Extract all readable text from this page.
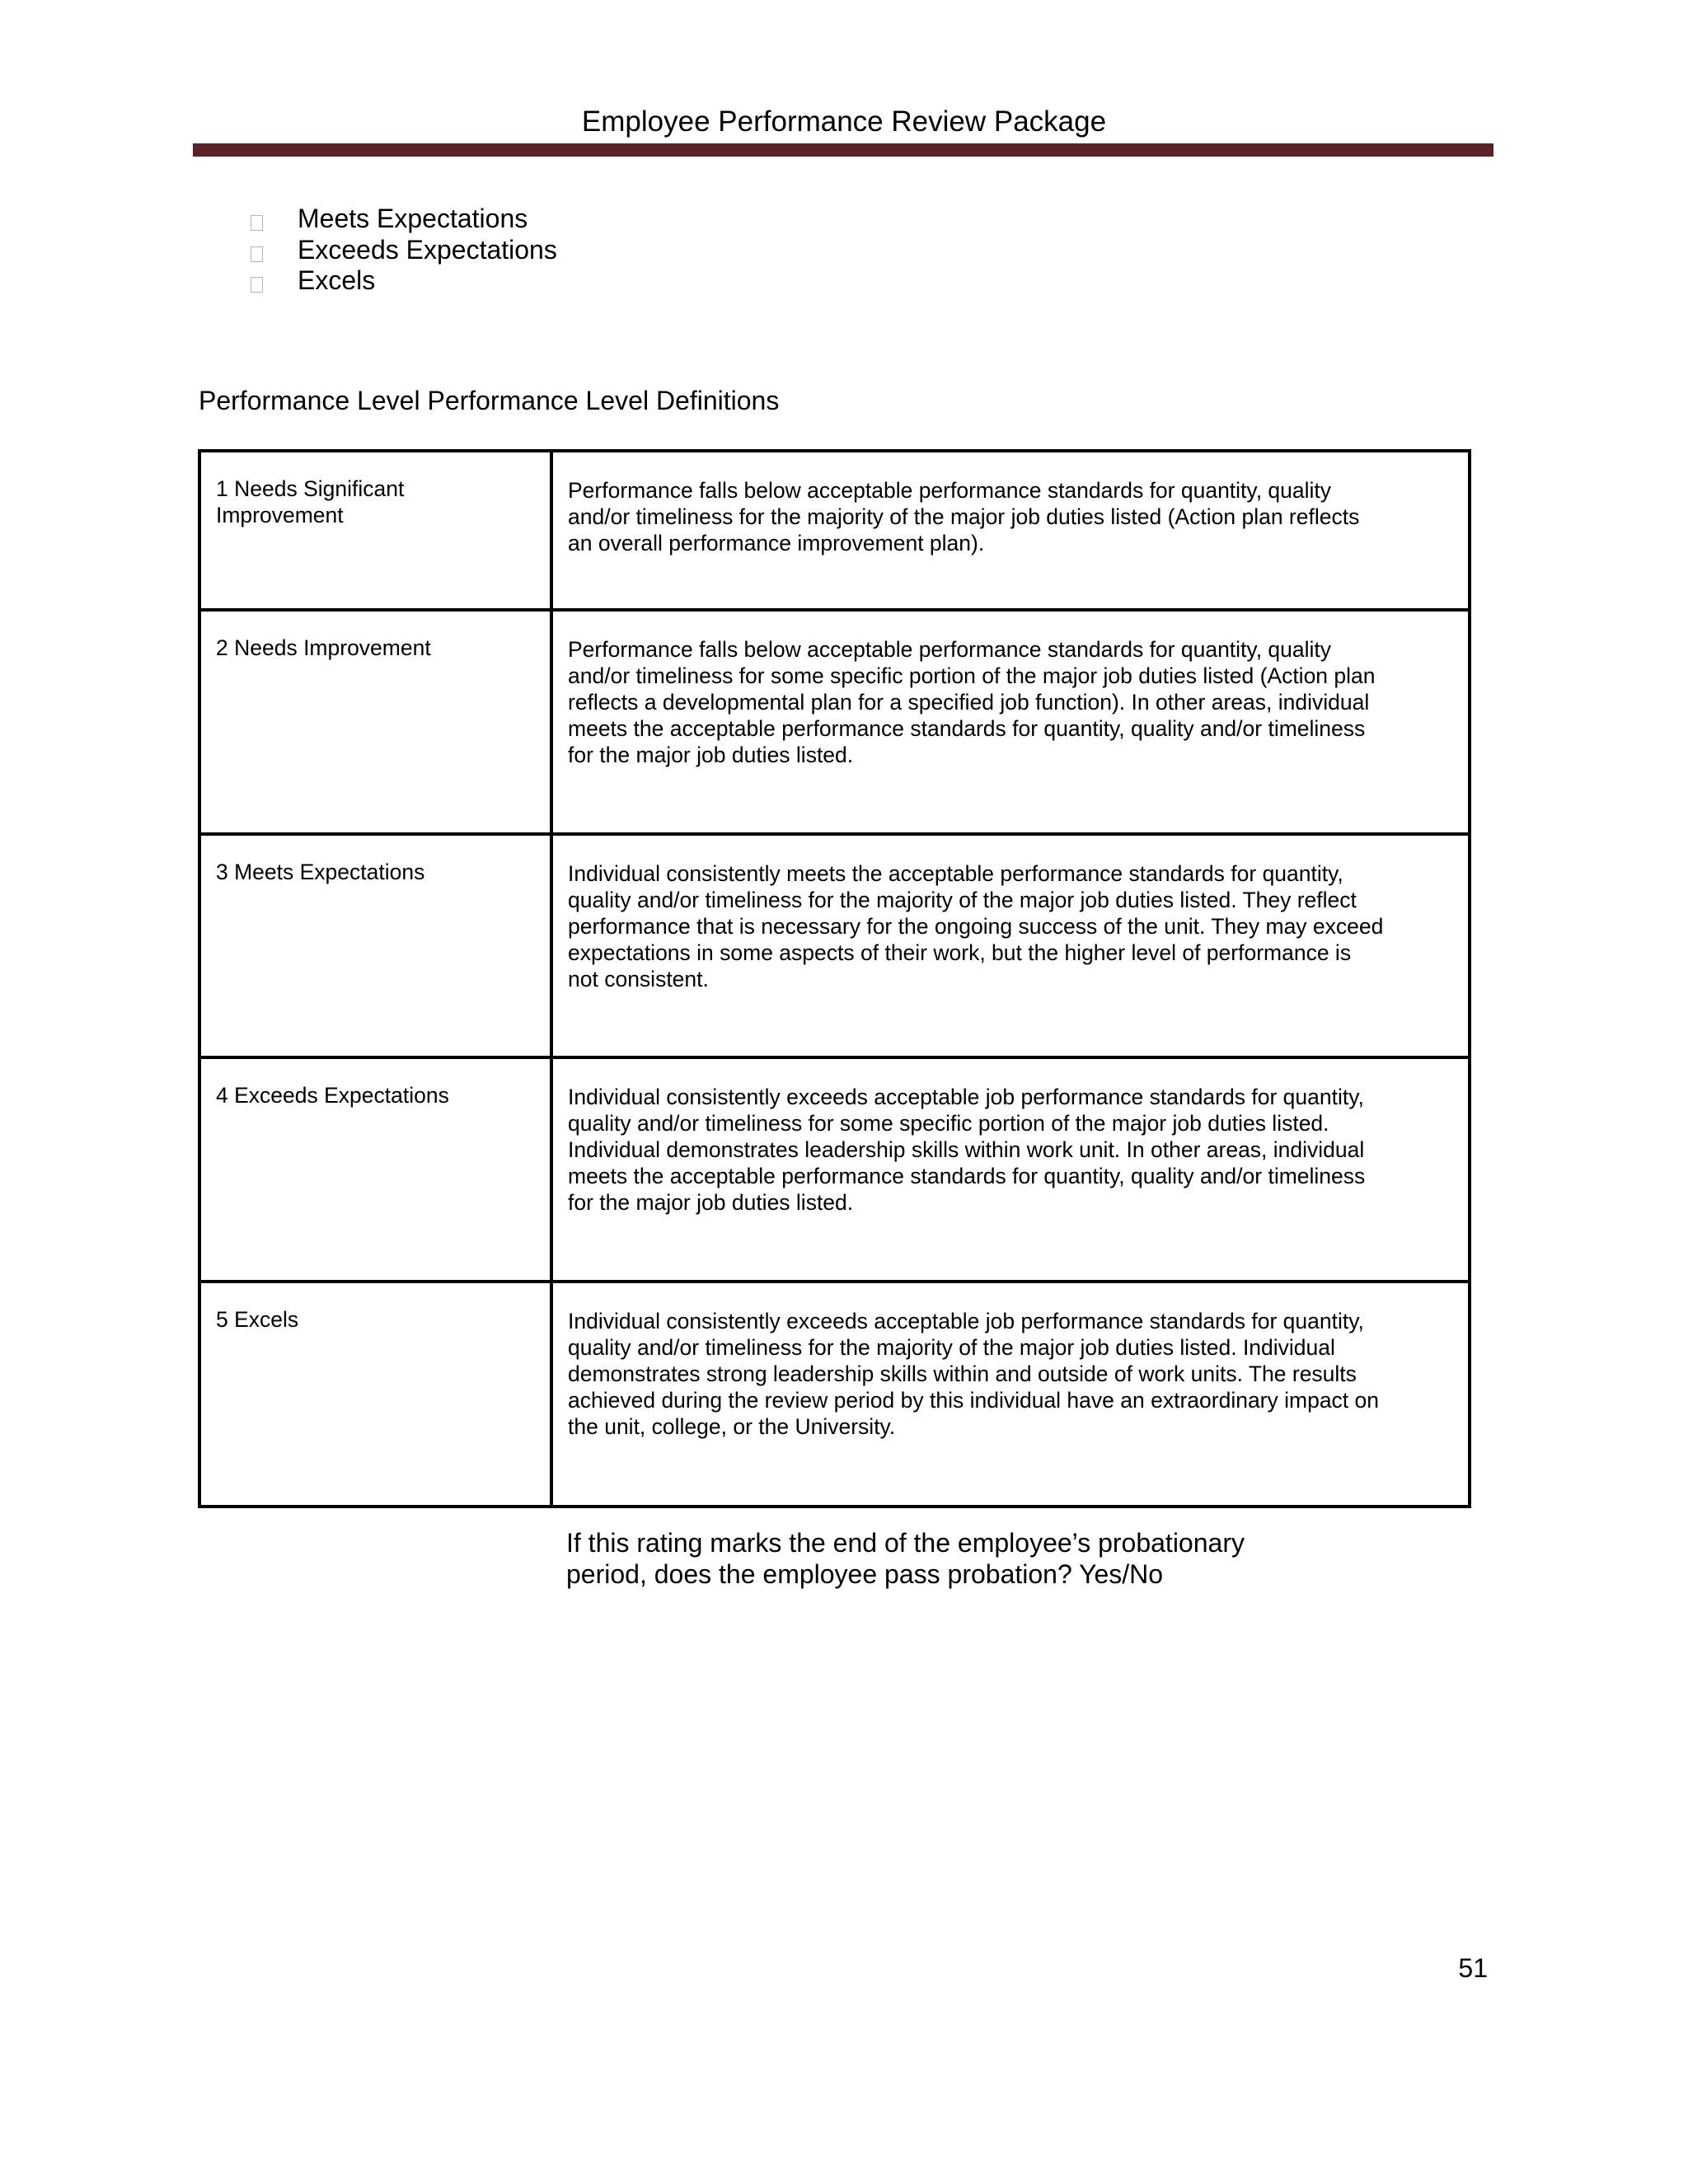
Employee Performance Review Package
Meets Expectations
Exceeds Expectations
Excels
Performance Level Performance Level Definitions
1 Needs Significant Improvement	Performance falls below acceptable performance standards for quantity, quality and/or timeliness for the majority of the major job duties listed (Action plan reflects an overall performance improvement plan).
2 Needs Improvement	Performance falls below acceptable performance standards for quantity, quality and/or timeliness for some specific portion of the major job duties listed (Action plan reflects a developmental plan for a specified job function). In other areas, individual meets the acceptable performance standards for quantity, quality and/or timeliness for the major job duties listed.
3 Meets Expectations	Individual consistently meets the acceptable performance standards for quantity, quality and/or timeliness for the majority of the major job duties listed. They reflect performance that is necessary for the ongoing success of the unit. They may exceed expectations in some aspects of their work, but the higher level of performance is not consistent.
4 Exceeds Expectations	Individual consistently exceeds acceptable job performance standards for quantity, quality and/or timeliness for some specific portion of the major job duties listed. Individual demonstrates leadership skills within work unit. In other areas, individual meets the acceptable performance standards for quantity, quality and/or timeliness for the major job duties listed.
5 Excels	Individual consistently exceeds acceptable job performance standards for quantity, quality and/or timeliness for the majority of the major job duties listed. Individual demonstrates strong leadership skills within and outside of work units. The results achieved during the review period by this individual have an extraordinary impact on the unit, college, or the University.
If this rating marks the end of the employee’s probationary period, does the employee pass probation? Yes/No
51
